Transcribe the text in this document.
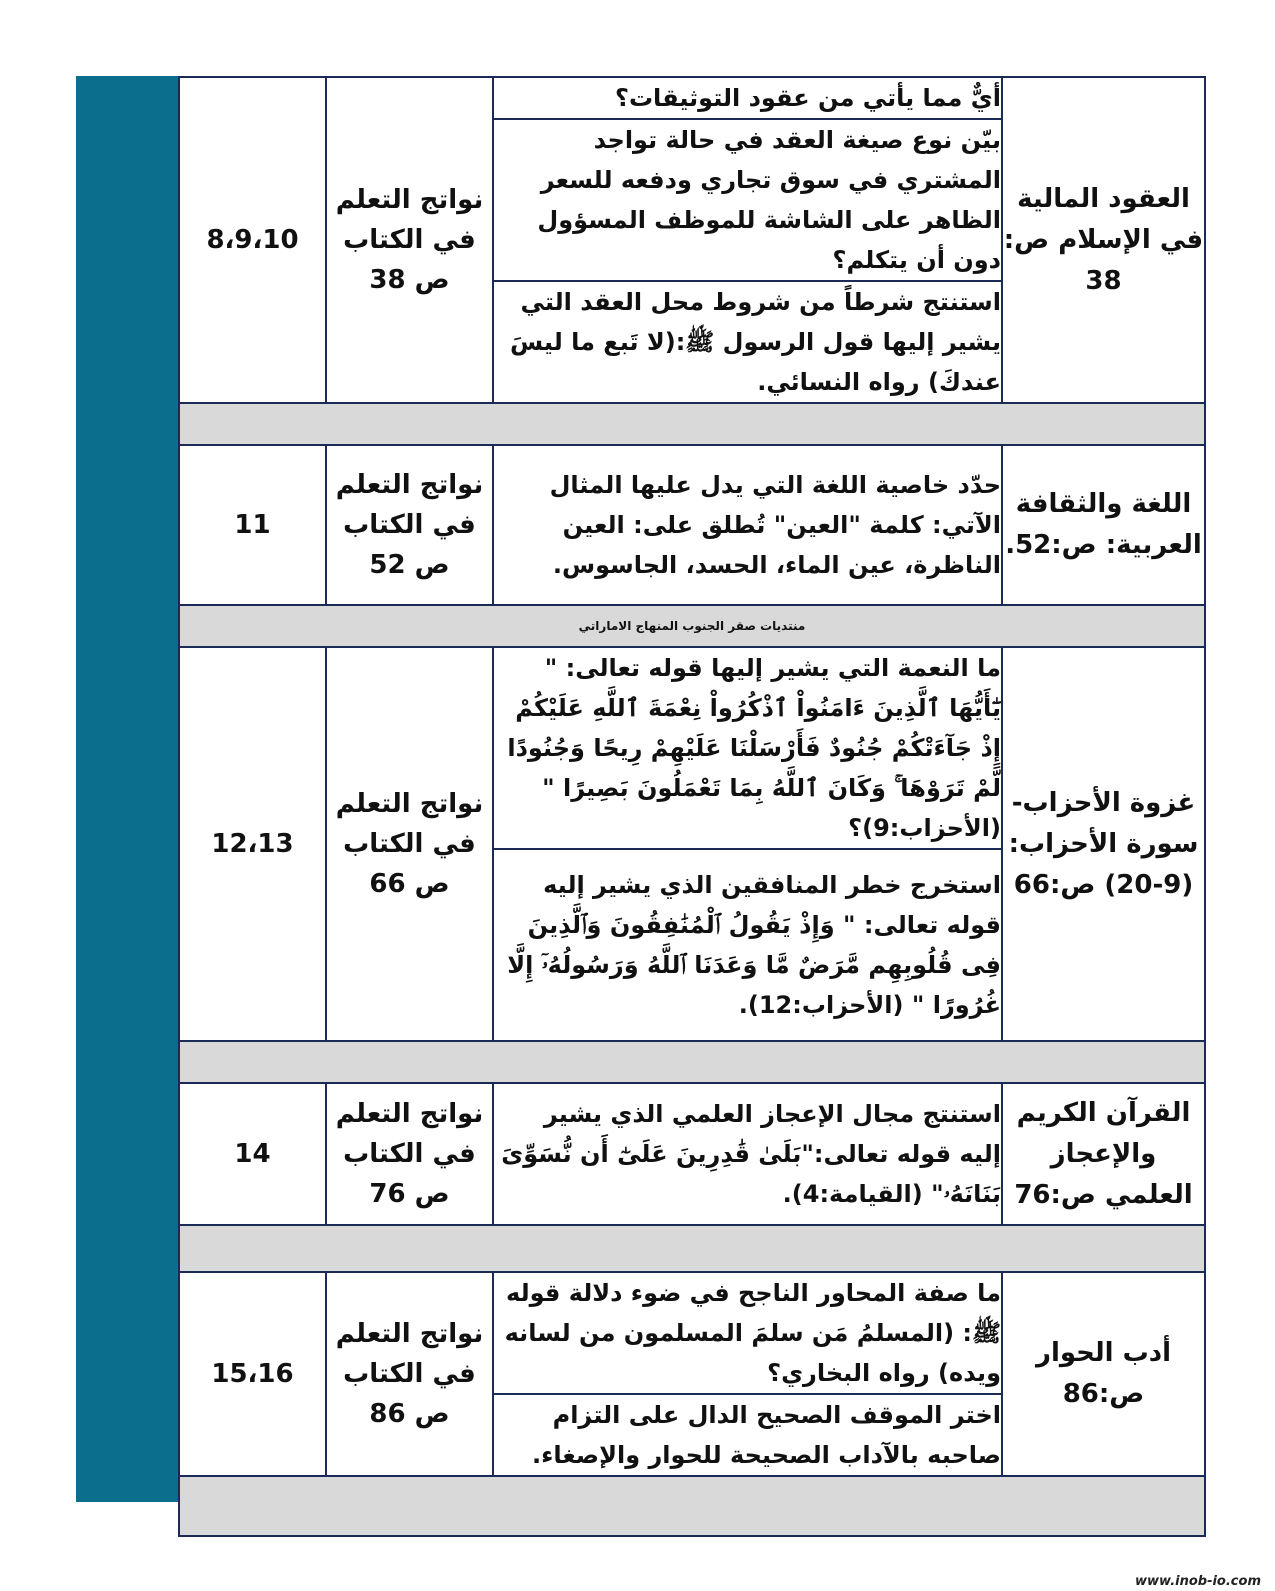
العقود المالية في الإسلام ص: 38	أيٌّ مما يأتي من عقود التوثيقات؟	نواتج التعلم في الكتاب ص 38	8،9،10

	بيّن نوع صيغة العقد في حالة تواجد المشتري في سوق تجاري ودفعه للسعر الظاهر على الشاشة للموظف المسؤول دون أن يتكلم؟		

	استنتج شرطاً من شروط محل العقد التي يشير إليها قول الرسول ﷺ:(لا تَبع ما ليسَ عندكَ) رواه النسائي.		

اللغة والثقافة العربية: ص:52.	حدّد خاصية اللغة التي يدل عليها المثال الآتي: كلمة "العين" تُطلق على: العين الناظرة، عين الماء، الحسد، الجاسوس.	نواتج التعلم في الكتاب ص 52	11
منتديات صقر الجنوب المنهاج الاماراتي			
غزوة الأحزاب- سورة الأحزاب: (9-20) ص:66	ما النعمة التي يشير إليها قوله تعالى: " يَٰٓأَيُّهَا ٱلَّذِينَ ءَامَنُواْ ٱذْكُرُواْ نِعْمَةَ ٱللَّهِ عَلَيْكُمْ إِذْ جَآءَتْكُمْ جُنُودٌ فَأَرْسَلْنَا عَلَيْهِمْ رِيحًا وَجُنُودًا لَّمْ تَرَوْهَا ۚ وَكَانَ ٱللَّهُ بِمَا تَعْمَلُونَ بَصِيرًا " (الأحزاب:9)؟	نواتج التعلم في الكتاب ص 66	12،13

	استخرج خطر المنافقين الذي يشير إليه قوله تعالى: " وَإِذْ يَقُولُ ٱلْمُنَٰفِقُونَ وَٱلَّذِينَ فِى قُلُوبِهِم مَّرَضٌ مَّا وَعَدَنَا ٱللَّهُ وَرَسُولُهُۥٓ إِلَّا غُرُورًا " (الأحزاب:12).		

القرآن الكريم والإعجاز العلمي ص:76	استنتج مجال الإعجاز العلمي الذي يشير إليه قوله تعالى:"بَلَىٰ قَٰدِرِينَ عَلَىٰٓ أَن نُّسَوِّىَ بَنَانَهُۥ" (القيامة:4).	نواتج التعلم في الكتاب ص 76	14

أدب الحوار ص:86	ما صفة المحاور الناجح في ضوء دلالة قوله ﷺ: (المسلمُ مَن سلمَ المسلمون من لسانه ويده) رواه البخاري؟	نواتج التعلم في الكتاب ص 86	15،16

	اختر الموقف الصحيح الدال على التزام صاحبه بالآداب الصحيحة للحوار والإصغاء.		

www.inob-io.com
